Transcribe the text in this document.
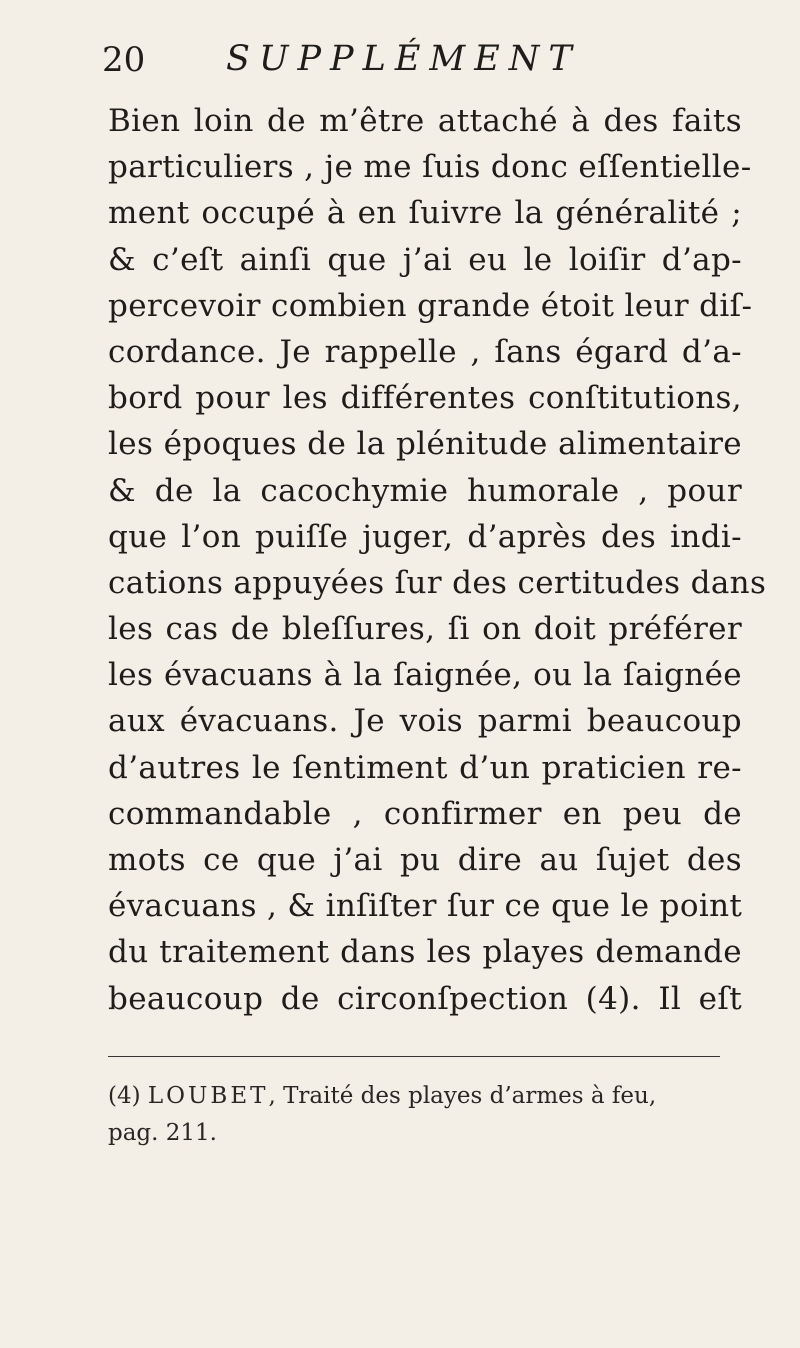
20 SUPPLÉMENT
Bien loin de m’être attaché à des faits
particuliers , je me ſuis donc eſſentielle-
ment occupé à en ſuivre la généralité ;
& c’eſt ainſi que j’ai eu le loiſir d’ap-
percevoir combien grande étoit leur diſ-
cordance. Je rappelle , ſans égard d’a-
bord pour les différentes conſtitutions,
les époques de la plénitude alimentaire
& de la cacochymie humorale , pour
que l’on puiſſe juger, d’après des indi-
cations appuyées ſur des certitudes dans
les cas de bleſſures, ſi on doit préférer
les évacuans à la ſaignée, ou la ſaignée
aux évacuans. Je vois parmi beaucoup
d’autres le ſentiment d’un praticien re-
commandable , confirmer en peu de
mots ce que j’ai pu dire au ſujet des
évacuans , & inſiſter ſur ce que le point
du traitement dans les playes demande
beaucoup de circonſpection (4). Il eſt
(4) LOUBET, Traité des playes d’armes à feu,
pag. 211.
